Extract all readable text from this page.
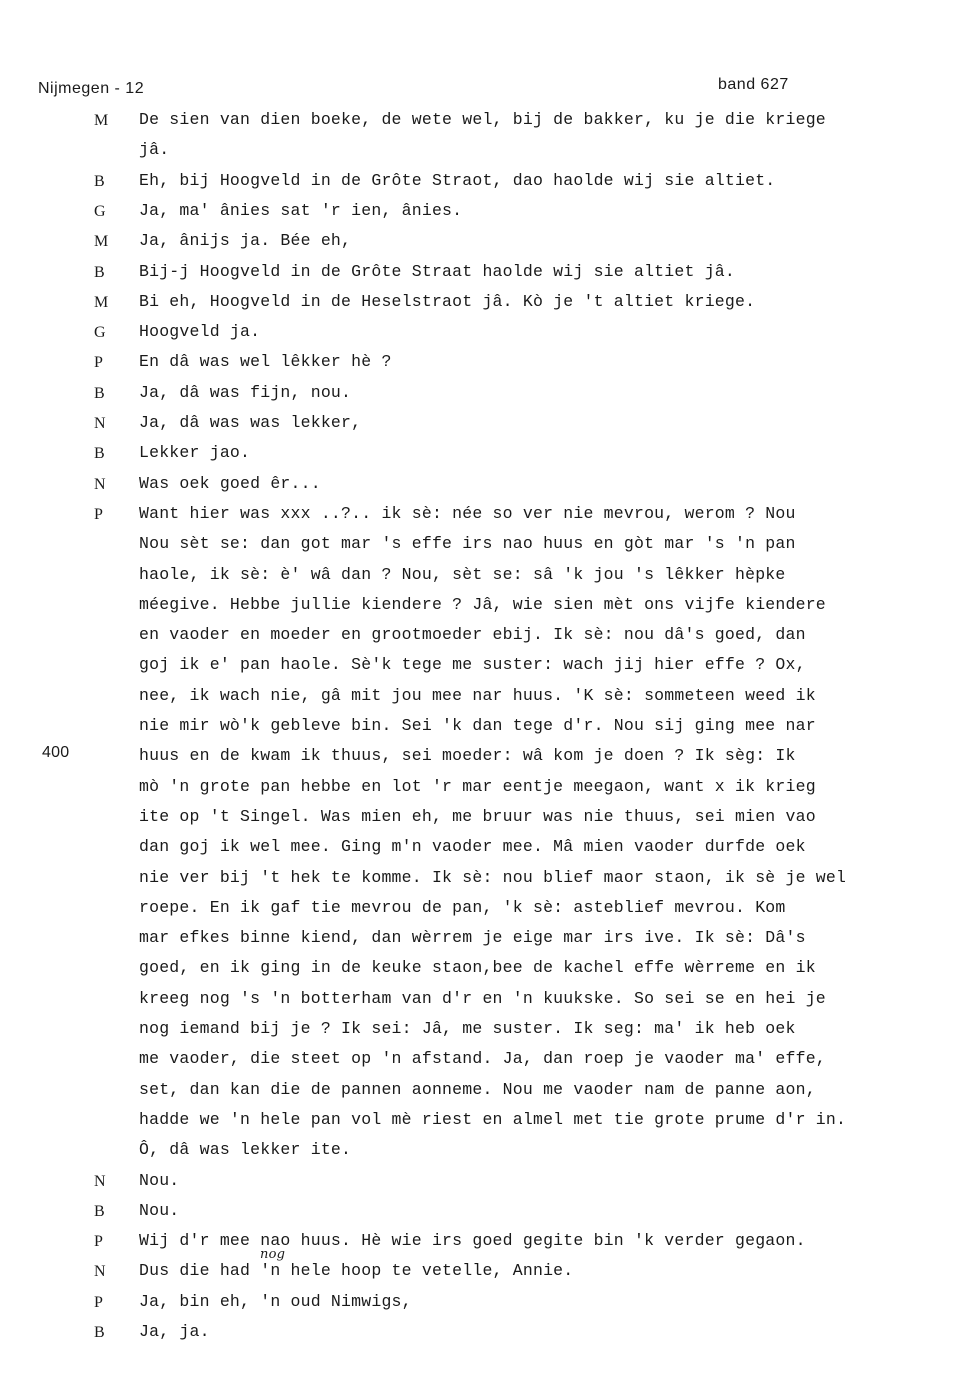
Nijmegen - 12	band 627
400
nog
M De sien van dien boeke, de wete wel, bij de bakker, ku je die kriege
jâ.
B Eh, bij Hoogveld in de Grôte Straot, dao haolde wij sie altiet.
G Ja, ma' ânies sat 'r ien, ânies.
M Ja, ânijs ja. Bée eh,
B Bij-j Hoogveld in de Grôte Straat haolde wij sie altiet jâ.
M Bi eh, Hoogveld in de Heselstraot jâ. Kò je 't altiet kriege.
G Hoogveld ja.
P En dâ was wel lêkker hè ?
B Ja, dâ was fijn, nou.
N Ja, dâ was was lekker,
B Lekker jao.
N Was oek goed êr...
P Want hier was xxx ..?.. ik sè: née so ver nie mevrou, werom ? Nou
Nou sèt se: dan got mar 's effe irs nao huus en gòt mar 's 'n pan
haole, ik sè: è' wâ dan ? Nou, sèt se: sâ 'k jou 's lêkker hèpke
méegive. Hebbe jullie kiendere ? Jâ, wie sien mèt ons vijfe kiendere
en vaoder en moeder en grootmoeder ebij. Ik sè: nou dâ's goed, dan
goj ik e' pan haole. Sè'k tege me suster: wach jij hier effe ? Ox,
nee, ik wach nie, gâ mit jou mee nar huus. 'K sè: sommeteen weed ik
nie mir wò'k gebleve bin. Sei 'k dan tege d'r. Nou sij ging mee nar
huus en de kwam ik thuus, sei moeder: wâ kom je doen ? Ik sèg: Ik
mò 'n grote pan hebbe en lot 'r mar eentje meegaon, want x ik krieg
ite op 't Singel. Was mien eh, me bruur was nie thuus, sei mien vao
dan goj ik wel mee. Ging m'n vaoder mee. Mâ mien vaoder durfde oek
nie ver bij 't hek te komme. Ik sè: nou blief maor staon, ik sè je wel
roepe. En ik gaf tie mevrou de pan, 'k sè: asteblief mevrou. Kom
mar efkes binne kiend, dan wèrrem je eige mar irs ive. Ik sè: Dâ's
goed, en ik ging in de keuke staon,bee de kachel effe wèrreme en ik
kreeg nog 's 'n botterham van d'r en 'n kuukske. So sei se en hei je
nog iemand bij je ? Ik sei: Jâ, me suster. Ik seg: ma' ik heb oek
me vaoder, die steet op 'n afstand. Ja, dan roep je vaoder ma' effe,
set, dan kan die de pannen aonneme. Nou me vaoder nam de panne aon,
hadde we 'n hele pan vol mè riest en almel met tie grote prume d'r in.
Ô, dâ was lekker ite.
N Nou.
B Nou.
P Wij d'r mee nao huus. Hè wie irs goed gegite bin 'k verder gegaon.
N Dus die had 'n hele hoop te vetelle, Annie.
P Ja, bin eh, 'n oud Nimwigs,
B Ja, ja.
